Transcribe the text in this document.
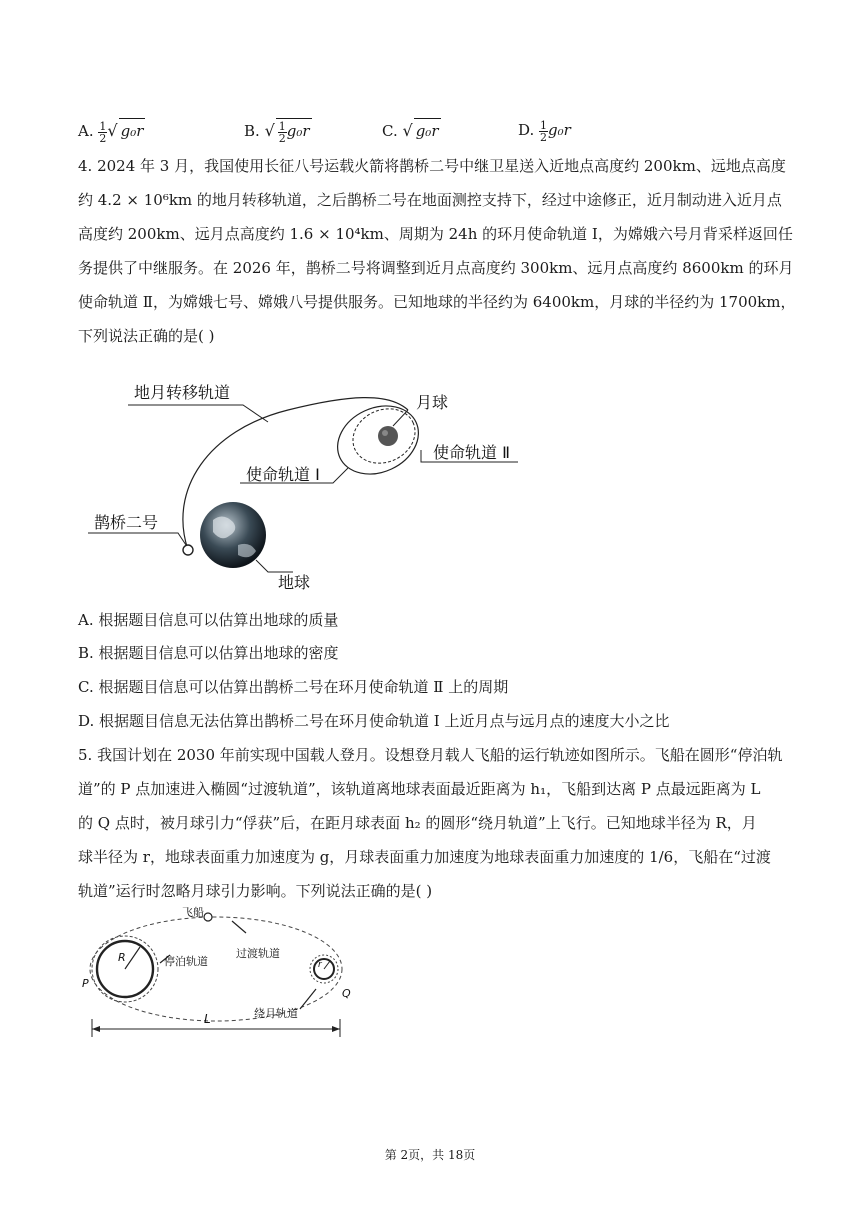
A. $\frac{1}{2}$ √ g₀r	B. √ $\frac{1}{2} g_0r$	C. √ g₀r	D. $\frac{1}{2} g_0r$
4. 2024 年 3 月，我国使用长征八号运载火箭将鹊桥二号中继卫星送入近地点高度约 200km、远地点高度
约 4.2 × 10⁶km 的地月转移轨道，之后鹊桥二号在地面测控支持下，经过中途修正，近月制动进入近月点
高度约 200km、远月点高度约 1.6 × 10⁴km、周期为 24h 的环月使命轨道 Ⅰ，为嫦娥六号月背采样返回任
务提供了中继服务。在 2026 年，鹊桥二号将调整到近月点高度约 300km、远月点高度约 8600km 的环月
使命轨道 Ⅱ，为嫦娥七号、嫦娥八号提供服务。已知地球的半径约为 6400km，月球的半径约为 1700km，
下列说法正确的是( )
地月转移轨道
月球
使命轨道 Ⅰ
使命轨道 Ⅱ
鹊桥二号
地球
A. 根据题目信息可以估算出地球的质量
B. 根据题目信息可以估算出地球的密度
C. 根据题目信息可以估算出鹊桥二号在环月使命轨道 Ⅱ 上的周期
D. 根据题目信息无法估算出鹊桥二号在环月使命轨道 Ⅰ 上近月点与远月点的速度大小之比
5. 我国计划在 2030 年前实现中国载人登月。设想登月载人飞船的运行轨迹如图所示。飞船在圆形“停泊轨
道”的 P 点加速进入椭圆“过渡轨道”，该轨道离地球表面最近距离为 h₁，飞船到达离 P 点最远距离为 L
的 Q 点时，被月球引力“俘获”后，在距月球表面 h₂ 的圆形“绕月轨道”上飞行。已知地球半径为 R，月
球半径为 r，地球表面重力加速度为 g，月球表面重力加速度为地球表面重力加速度的 1/6，飞船在“过渡
轨道”运行时忽略月球引力影响。下列说法正确的是( )
飞船
停泊轨道
过渡轨道
绕月轨道
P
Q
R
r
L
第 2页，共 18页
